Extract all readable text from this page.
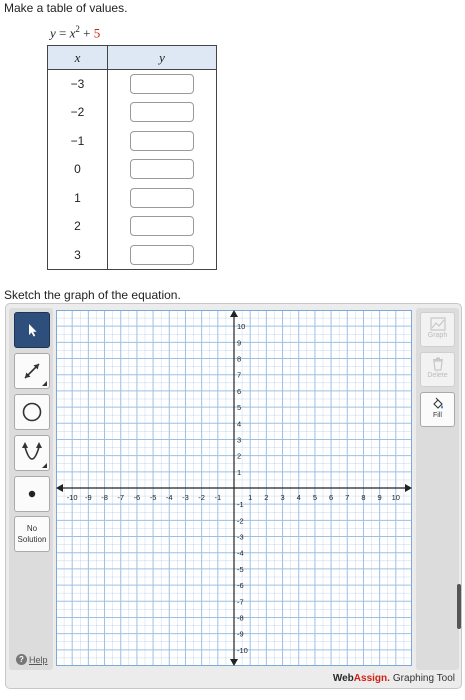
Make a table of values.
$y = x^2 + 5$
x	y
−3	
−2	
−1	
0	
1	
2	
3	
Sketch the graph of the equation.
No Solution
? Help
-10 -9 -8 -7 -6 -5 -4 -3 -2 -1	1 2 3 4 5 6 7 8 9 10
10
9
8
7
6
5
4
3
2
1
-1
-2
-3
-4
-5
-6
-7
-8
-9
-10
Graph
Delete
Fill
WebAssign. Graphing Tool
